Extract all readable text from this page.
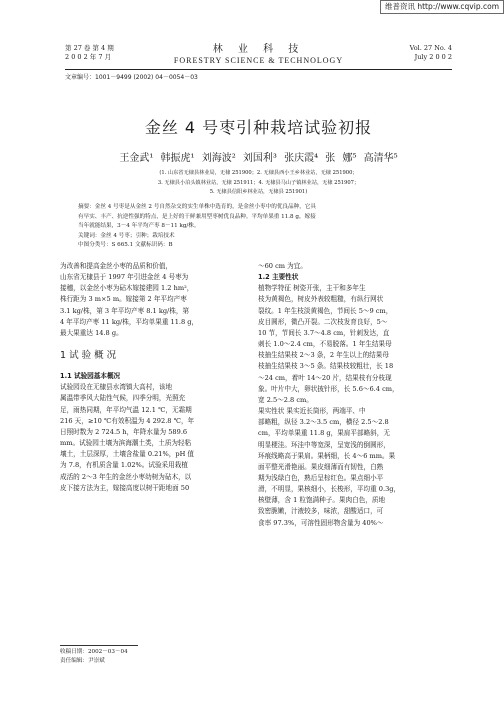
维普资讯 http://www.cqvip.com
第 27 卷 第 4 期
2 0 0 2 年 7 月
林 业 科 技
FORESTRY SCIENCE & TECHNOLOGY
Vol. 27 No. 4
July 2 0 0 2
文章编号：1001－9499 (2002) 04－0054－03
金丝 4 号枣引种栽培试验初报
王金武¹ 韩振虎¹ 刘海波² 刘国利³ 张庆霞⁴ 张 娜⁵ 高清华⁵
(1. 山东省无棣县林业局，无棣 251900；2. 无棣县西小王乡林业站，无棣 251900；
3. 无棣县小泊头镇林业站，无棣 251911；4. 无棣县马山子镇林业站，无棣 251907；
5. 无棣县信阳乡林业站，无棣县 251901)
摘要：金丝 4 号枣是从金丝 2 号自然杂交的实生单株中选育的，是金丝小枣中的优良品种，它具
有早实、丰产、抗逆性强的特点，是上好的干鲜兼用型枣树优良品种。平均单果重 11.8 g，嫁接
当年就能结果，3－4 年平均产枣 8－11 kg/株。
关键词：金丝 4 号枣；引种；栽培技术
中图分类号：S 665.1 文献标识码：B

为改善和提高金丝小枣的品质和价值，

山东省无棣县于 1997 年引进金丝 4 号枣为

接穗，以金丝小枣为砧木嫁接建园 1.2 hm²，

株行距为 3 m×5 m。嫁接第 2 年平均产枣

3.1 kg/株，第 3 年平均产枣 8.1 kg/株，第

4 年平均产枣 11 kg/株，平均单果重 11.8 g，

最大果重达 14.8 g。

1 试 验 概 况

1.1 试验园基本概况

试验园设在无棣县水湾镇大高村，该地

属温带季风大陆性气候，四季分明，光照充

足，雨热同期，年平均气温 12.1 ℃，无霜期

216 天，≥10 ℃有效积温为 4 292.8 ℃，年

日照时数为 2 724.5 h，年降水量为 589.6

mm。试验园土壤为滨海潮土类，土质为轻粘

壤土，土层深厚，土壤含盐量 0.21%，pH 值

为 7.8，有机质含量 1.02%。试验采用栽植

成活的 2～3 年生的金丝小枣幼树为砧木，以

皮下接方法为主，嫁接高度以树干距地面 50

收稿日期：2002－03－04
责任编辑：尹崇斌

～60 cm 为宜。

1.2 主要性状

植物学特征 树姿开张，主干和多年生

枝为黄褐色，树皮外表较粗糙，有纵行网状

裂纹。1 年生枝淡黄褐色，节间长 5～9 cm，

皮目圆形，微凸开裂。二次枝发育良好，5～

10 节，节间长 3.7～4.8 cm，针刺发达，直

刺长 1.0～2.4 cm，不易脱落。1 年生结果母

枝抽生结果枝 2～3 条，2 年生以上的结果母

枝抽生结果枝 3～5 条。结果枝较粗壮，长 18

～24 cm，着叶 14～20 片，结果枝有分枝现

象。叶片中大，卵状披针形，长 5.6～6.4 cm，

宽 2.5～2.8 cm。

果实性状 果实近长筒形，两端平、中

部略粗，纵径 3.2～3.5 cm，横径 2.5～2.8

cm，平均单果重 11.8 g，果肩平部略斜，无

明显梗洼。环洼中等宽深，呈宽浅的倒圆形，

环痕线略高于果肩。果柄细，长 4～6 mm。果

面平整光滑艳丽。果皮细薄而有韧性，白熟

期为浅绿白色，熟后呈棕红色。果点细小平

滑，不明显，果核细小，长梭形，平均重 0.3g，

核壁薄，含 1 粒饱满种子。果肉白色，质地

致密脆嫩，汁液较多，味浓，甜酸适口，可

食率 97.3%，可溶性固形物含量为 40%～
